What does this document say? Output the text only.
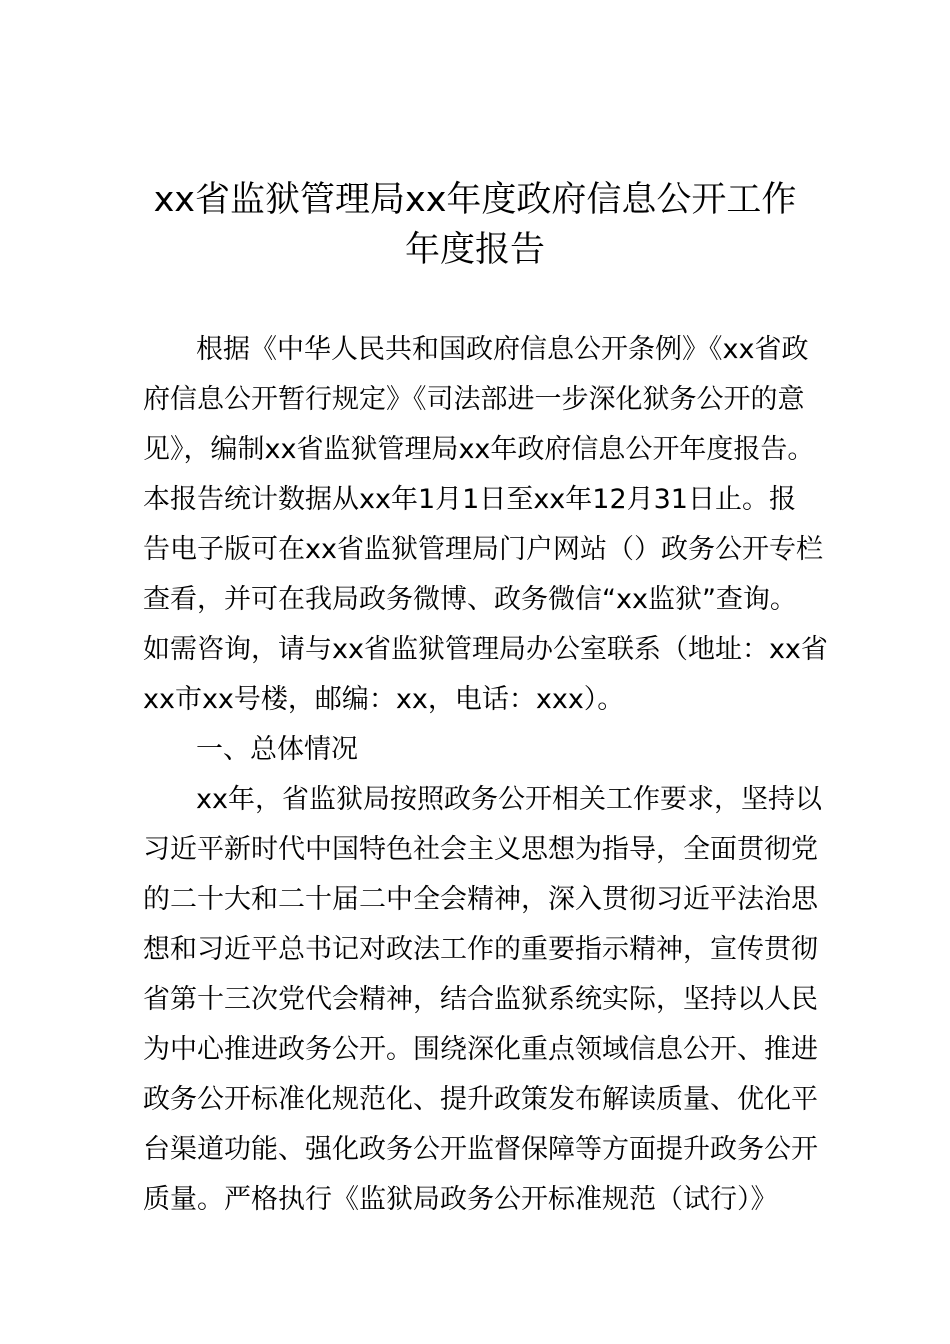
xx省监狱管理局xx年度政府信息公开工作
年度报告
根据《中华人民共和国政府信息公开条例》《xx省政
府信息公开暂行规定》《司法部进一步深化狱务公开的意
见》，编制xx省监狱管理局xx年政府信息公开年度报告。
本报告统计数据从xx年1月1日至xx年12月31日止。报
告电子版可在xx省监狱管理局门户网站（）政务公开专栏
查看，并可在我局政务微博、政务微信“xx监狱”查询。
如需咨询，请与xx省监狱管理局办公室联系（地址：xx省
xx市xx号楼，邮编：xx，电话：xxx）。
一、总体情况
xx年，省监狱局按照政务公开相关工作要求，坚持以
习近平新时代中国特色社会主义思想为指导，全面贯彻党
的二十大和二十届二中全会精神，深入贯彻习近平法治思
想和习近平总书记对政法工作的重要指示精神，宣传贯彻
省第十三次党代会精神，结合监狱系统实际，坚持以人民
为中心推进政务公开。围绕深化重点领域信息公开、推进
政务公开标准化规范化、提升政策发布解读质量、优化平
台渠道功能、强化政务公开监督保障等方面提升政务公开
质量。严格执行《监狱局政务公开标准规范（试行）》
